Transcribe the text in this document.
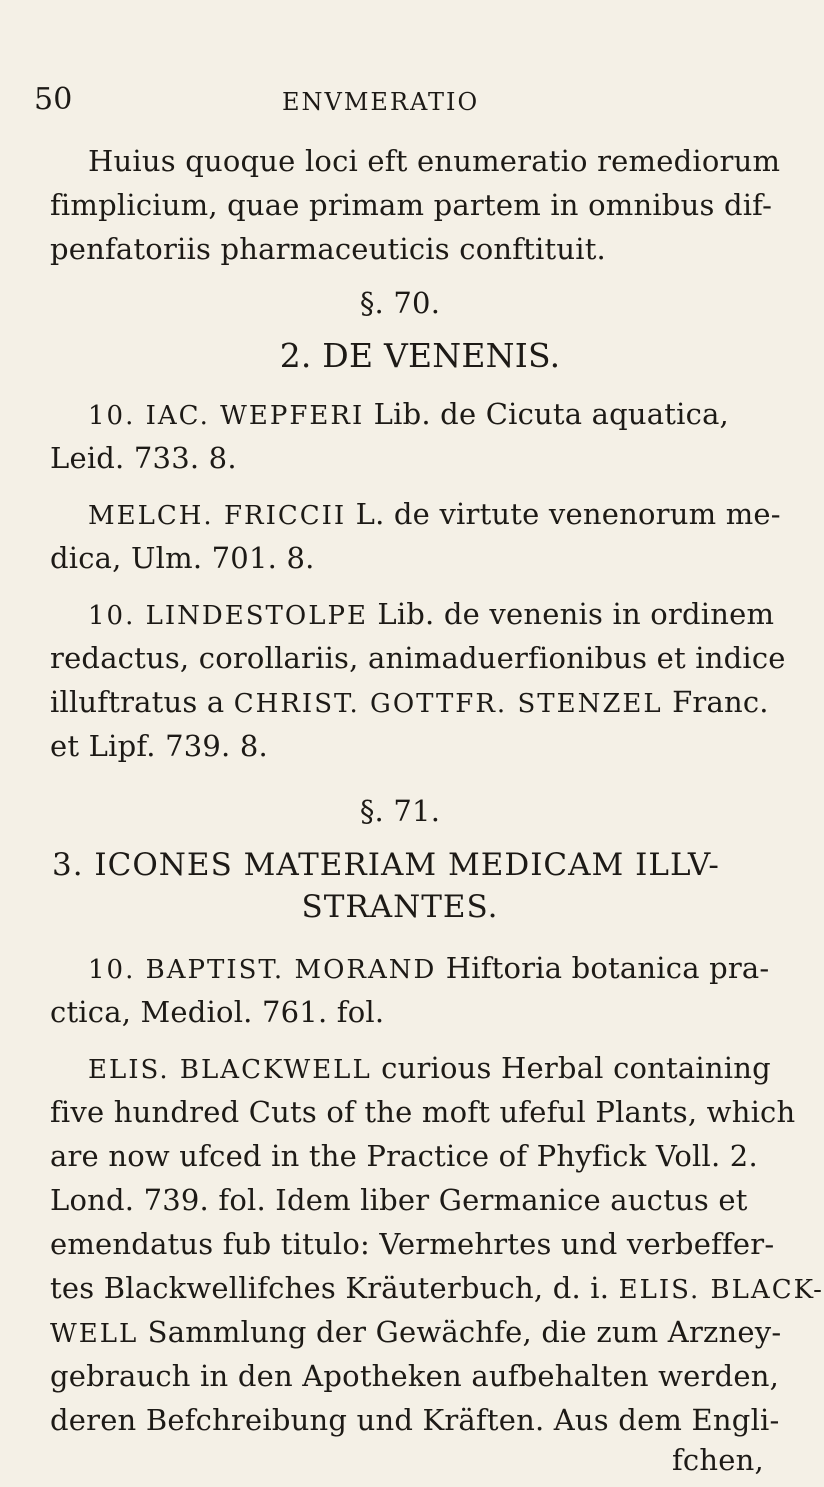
50	ENVMERATIO
Huius quoque loci eft enumeratio remediorum
fimplicium, quae primam partem in omnibus dif-
penfatoriis pharmaceuticis conftituit.
§. 70.
2. DE VENENIS.
10. IAC. WEPFERI Lib. de Cicuta aquatica,
Leid. 733. 8.
MELCH. FRICCII L. de virtute venenorum me-
dica, Ulm. 701. 8.
10. LINDESTOLPE Lib. de venenis in ordinem
redactus, corollariis, animaduerfionibus et indice
illuftratus a CHRIST. GOTTFR. STENZEL Franc.
et Lipf. 739. 8.
§. 71.
3. ICONES MATERIAM MEDICAM ILLV-
STRANTES.
10. BAPTIST. MORAND Hiftoria botanica pra-
ctica, Mediol. 761. fol.
ELIS. BLACKWELL curious Herbal containing
five hundred Cuts of the moft ufeful Plants, which
are now ufced in the Practice of Phyfick Voll. 2.
Lond. 739. fol. Idem liber Germanice auctus et
emendatus fub titulo: Vermehrtes und verbeffer-
tes Blackwellifches Kräuterbuch, d. i. ELIS. BLACK-
WELL Sammlung der Gewächfe, die zum Arzney-
gebrauch in den Apotheken aufbehalten werden,
deren Befchreibung und Kräften. Aus dem Engli-
fchen,
